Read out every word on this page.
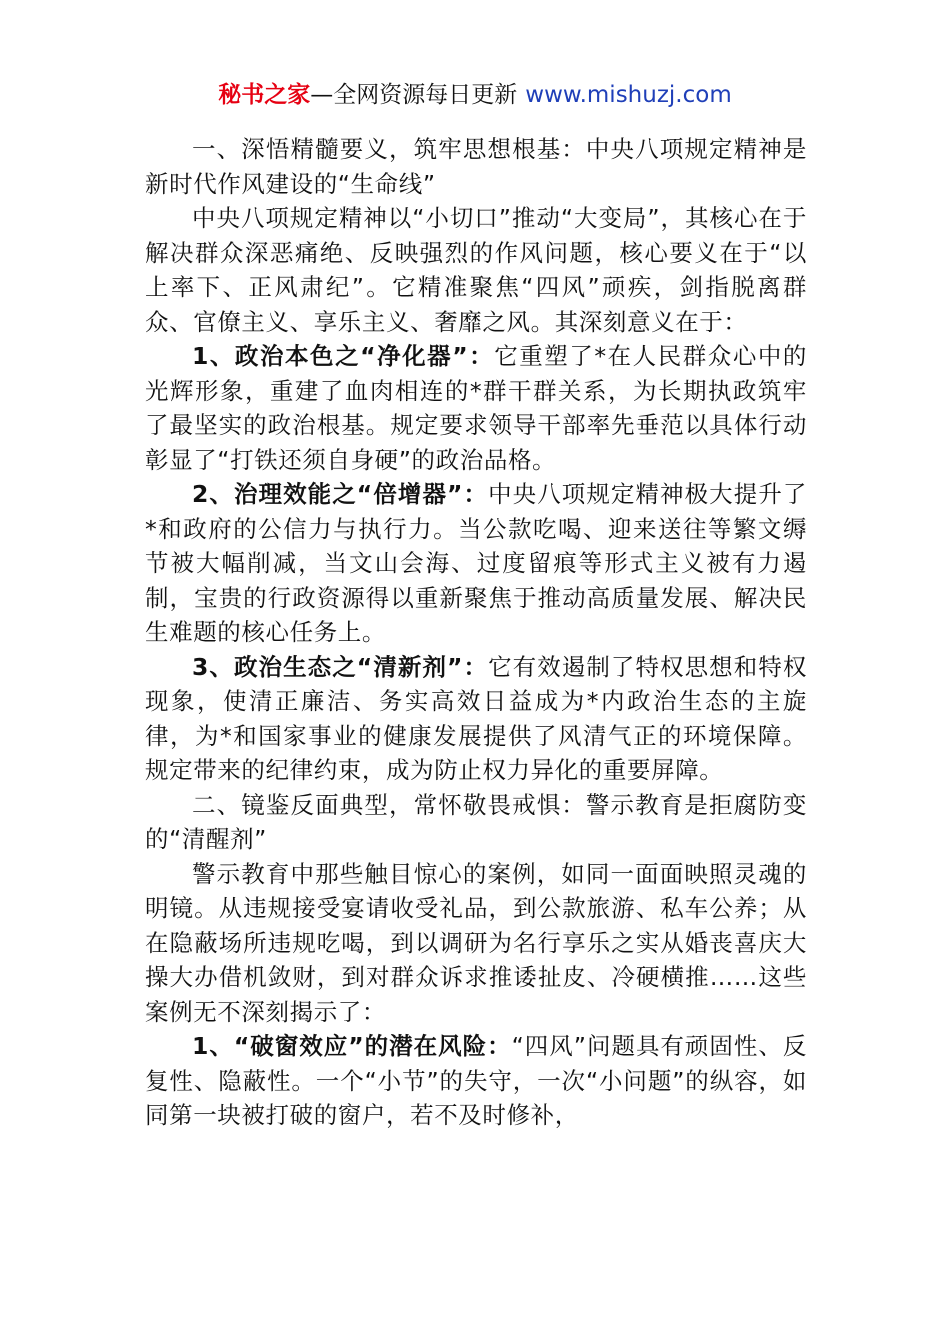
秘书之家—全网资源每日更新 www.mishuzj.com

一、深悟精髓要义，筑牢思想根基：中央八项规定精神是新时代作风建设的“生命线”

中央八项规定精神以“小切口”推动“大变局”，其核心在于解决群众深恶痛绝、反映强烈的作风问题，核心要义在于“以上率下、正风肃纪”。它精准聚焦“四风”顽疾，剑指脱离群众、官僚主义、享乐主义、奢靡之风。其深刻意义在于：

1、政治本色之“净化器”：它重塑了*在人民群众心中的光辉形象，重建了血肉相连的*群干群关系，为长期执政筑牢了最坚实的政治根基。规定要求领导干部率先垂范以具体行动彰显了“打铁还须自身硬”的政治品格。

2、治理效能之“倍增器”：中央八项规定精神极大提升了*和政府的公信力与执行力。当公款吃喝、迎来送往等繁文缛节被大幅削减，当文山会海、过度留痕等形式主义被有力遏制，宝贵的行政资源得以重新聚焦于推动高质量发展、解决民生难题的核心任务上。

3、政治生态之“清新剂”：它有效遏制了特权思想和特权现象，使清正廉洁、务实高效日益成为*内政治生态的主旋律，为*和国家事业的健康发展提供了风清气正的环境保障。规定带来的纪律约束，成为防止权力异化的重要屏障。

二、镜鉴反面典型，常怀敬畏戒惧：警示教育是拒腐防变的“清醒剂”

警示教育中那些触目惊心的案例，如同一面面映照灵魂的明镜。从违规接受宴请收受礼品，到公款旅游、私车公养；从在隐蔽场所违规吃喝，到以调研为名行享乐之实从婚丧喜庆大操大办借机敛财，到对群众诉求推诿扯皮、冷硬横推……这些案例无不深刻揭示了：

1、“破窗效应”的潜在风险：“四风”问题具有顽固性、反复性、隐蔽性。一个“小节”的失守，一次“小问题”的纵容，如同第一块被打破的窗户，若不及时修补，
